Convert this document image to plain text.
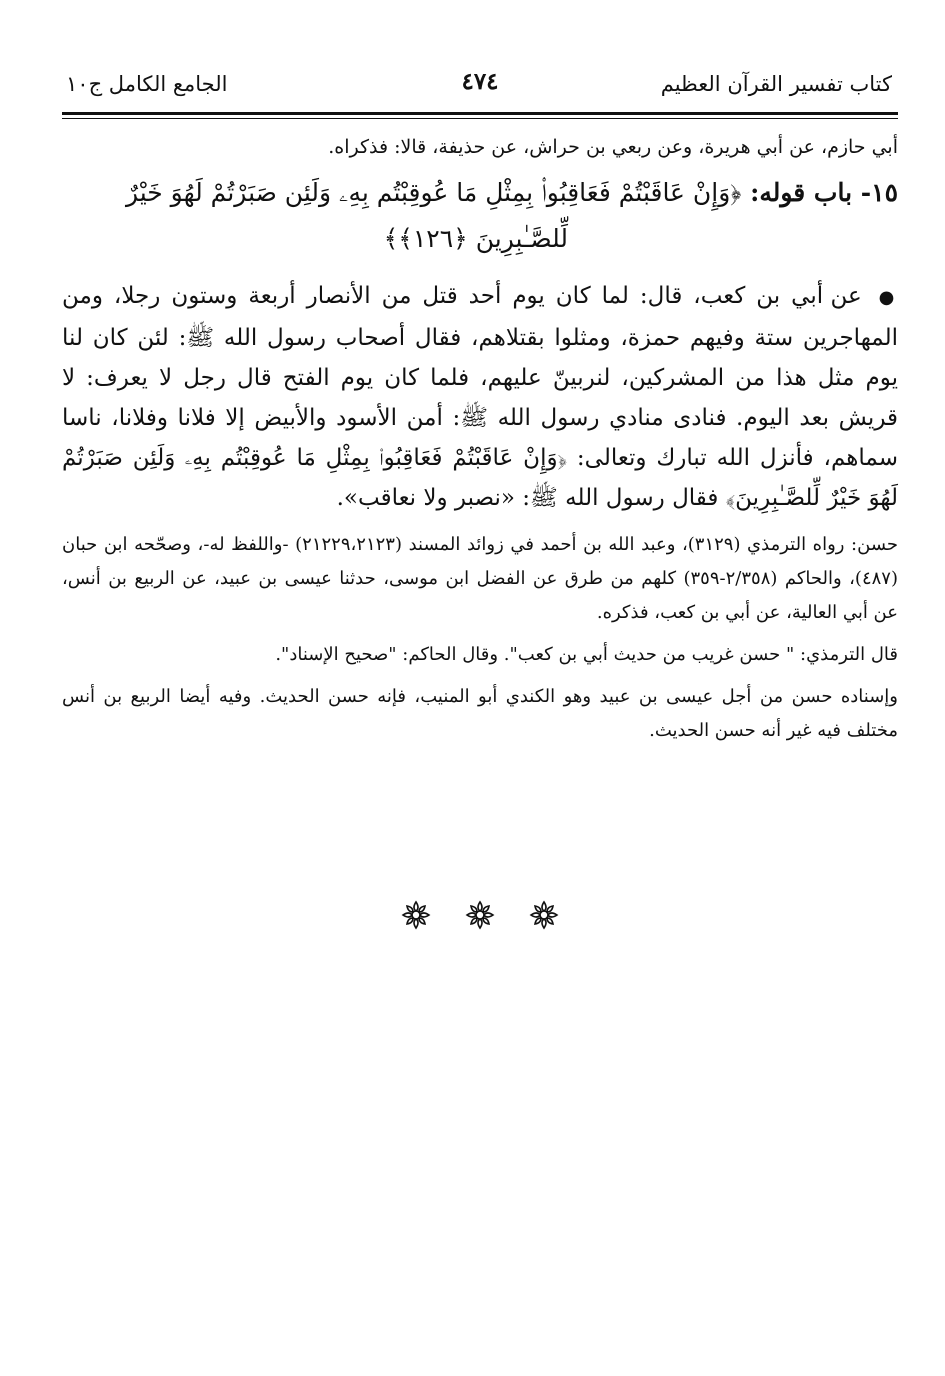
كتاب تفسير القرآن العظيم
٤٧٤
الجامع الكامل ج١٠

أبي حازم، عن أبي هريرة، وعن ربعي بن حراش، عن حذيفة، قالا: فذكراه.

١٥- باب قوله: ﴿وَإِنْ عَاقَبْتُمْ فَعَاقِبُوا۟ بِمِثْلِ مَا عُوقِبْتُم بِهِۦ وَلَئِن صَبَرْتُمْ لَهُوَ خَيْرٌ
لِّلصَّـٰبِرِينَ ﴿١٢٦﴾﴾

● عن أبي بن كعب، قال: لما كان يوم أحد قتل من الأنصار أربعة وستون رجلا، ومن المهاجرين ستة وفيهم حمزة، ومثلوا بقتلاهم، فقال أصحاب رسول الله ﷺ: لئن كان لنا يوم مثل هذا من المشركين، لنربينّ عليهم، فلما كان يوم الفتح قال رجل لا يعرف: لا قريش بعد اليوم. فنادى منادي رسول الله ﷺ: أمن الأسود والأبيض إلا فلانا وفلانا، ناسا سماهم، فأنزل الله تبارك وتعالى: ﴿وَإِنْ عَاقَبْتُمْ فَعَاقِبُوا۟ بِمِثْلِ مَا عُوقِبْتُم بِهِۦ وَلَئِن صَبَرْتُمْ لَهُوَ خَيْرٌ لِّلصَّـٰبِرِينَ﴾ فقال رسول الله ﷺ: «نصبر ولا نعاقب».

حسن: رواه الترمذي (٣١٢٩)، وعبد الله بن أحمد في زوائد المسند (٢١٢٢٩،٢١٢٣) -واللفظ له-، وصحّحه ابن حبان (٤٨٧)، والحاكم (٢/٣٥٨-٣٥٩) كلهم من طرق عن الفضل ابن موسى، حدثنا عيسى بن عبيد، عن الربيع بن أنس، عن أبي العالية، عن أبي بن كعب، فذكره.

قال الترمذي: " حسن غريب من حديث أبي بن كعب". وقال الحاكم: "صحيح الإسناد".

وإسناده حسن من أجل عيسى بن عبيد وهو الكندي أبو المنيب، فإنه حسن الحديث. وفيه أيضا الربيع بن أنس مختلف فيه غير أنه حسن الحديث.
